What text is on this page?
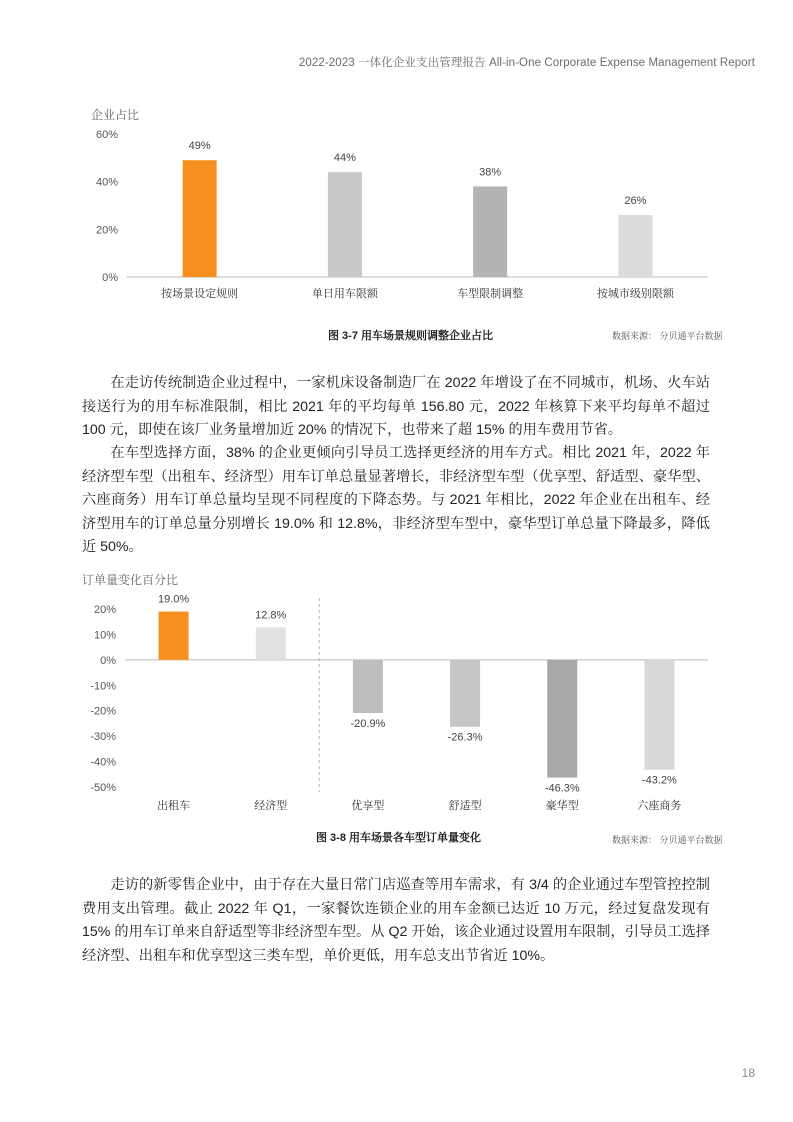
2022-2023 一体化企业支出管理报告 All-in-One Corporate Expense Management Report
企业占比
0%
20%
40%
60%
49%
按场景设定规则
44%
单日用车限额
38%
车型限制调整
26%
按城市级别限额
图 3-7 用车场景规则调整企业占比	数据来源： 分贝通平台数据

在走访传统制造企业过程中，一家机床设备制造厂在 2022 年增设了在不同城市，机场、火车站接送行为的用车标准限制，相比 2021 年的平均每单 156.80 元，2022 年核算下来平均每单不超过 100 元，即使在该厂业务量增加近 20% 的情况下，也带来了超 15% 的用车费用节省。

在车型选择方面，38% 的企业更倾向引导员工选择更经济的用车方式。相比 2021 年，2022 年经济型车型（出租车、经济型）用车订单总量显著增长，非经济型车型（优享型、舒适型、豪华型、六座商务）用车订单总量均呈现不同程度的下降态势。与 2021 年相比，2022 年企业在出租车、经济型用车的订单总量分别增长 19.0% 和 12.8%，非经济型车型中，豪华型订单总量下降最多，降低近 50%。

订单量变化百分比
20%
10%
0%
-10%
-20%
-30%
-40%
-50%
19.0%
出租车
12.8%
经济型
-20.9%
优享型
-26.3%
舒适型
-46.3%
豪华型
-43.2%
六座商务
图 3-8 用车场景各车型订单量变化	数据来源： 分贝通平台数据

走访的新零售企业中，由于存在大量日常门店巡查等用车需求，有 3/4 的企业通过车型管控控制费用支出管理。截止 2022 年 Q1，一家餐饮连锁企业的用车金额已达近 10 万元，经过复盘发现有 15% 的用车订单来自舒适型等非经济型车型。从 Q2 开始，该企业通过设置用车限制，引导员工选择经济型、出租车和优享型这三类车型，单价更低，用车总支出节省近 10%。

18
